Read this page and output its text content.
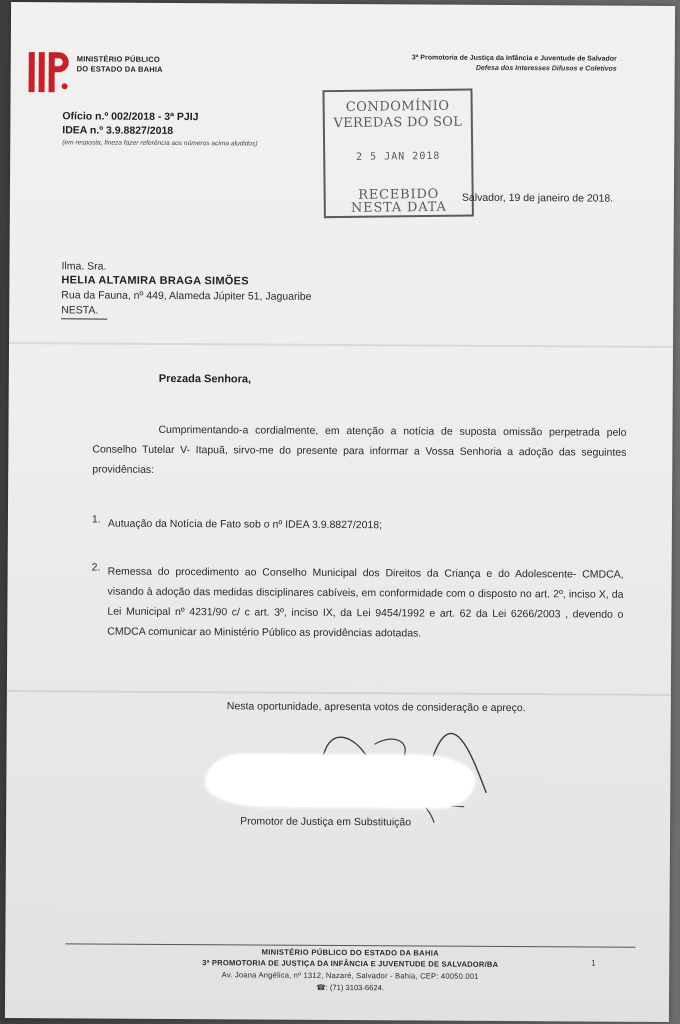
MINISTÉRIO PÚBLICO
DO ESTADO DA BAHIA
3ª Promotoria de Justiça da Infância e Juventude de Salvador
Defesa dos Interesses Difusos e Coletivos
Ofício n.º 002/2018 - 3ª PJIJ
IDEA n.º 3.9.8827/2018
(em resposta, fineza fazer referência aos números acima aludidos)
CONDOMÍNIO
VEREDAS DO SOL
2 5 JAN 2018
RECEBIDO
NESTA DATA
Salvador, 19 de janeiro de 2018.
Ilma. Sra.
HELIA ALTAMIRA BRAGA SIMÕES
Rua da Fauna, nº 449, Alameda Júpiter 51, Jaguaribe
NESTA.
Prezada Senhora,
Cumprimentando-a cordialmente, em atenção a notícia de suposta omissão perpetrada pelo Conselho Tutelar V- Itapuã, sirvo-me do presente para informar a Vossa Senhoria a adoção das seguintes providências:
1. Autuação da Notícia de Fato sob o nº IDEA 3.9.8827/2018;
2. Remessa do procedimento ao Conselho Municipal dos Direitos da Criança e do Adolescente- CMDCA, visando à adoção das medidas disciplinares cabíveis, em conformidade com o disposto no art. 2º, inciso X, da Lei Municipal nº 4231/90 c/ c art. 3º, inciso IX, da Lei 9454/1992 e art. 62 da Lei 6266/2003 , devendo o CMDCA comunicar ao Ministério Público as providências adotadas.
Nesta oportunidade, apresenta votos de consideração e apreço.
Promotor de Justiça em Substituição
MINISTÉRIO PÚBLICO DO ESTADO DA BAHIA
3ª PROMOTORIA DE JUSTIÇA DA INFÂNCIA E JUVENTUDE DE SALVADOR/BA
Av. Joana Angélica, nº 1312, Nazaré, Salvador - Bahia, CEP: 40050.001
☎: (71) 3103-6624.
1
